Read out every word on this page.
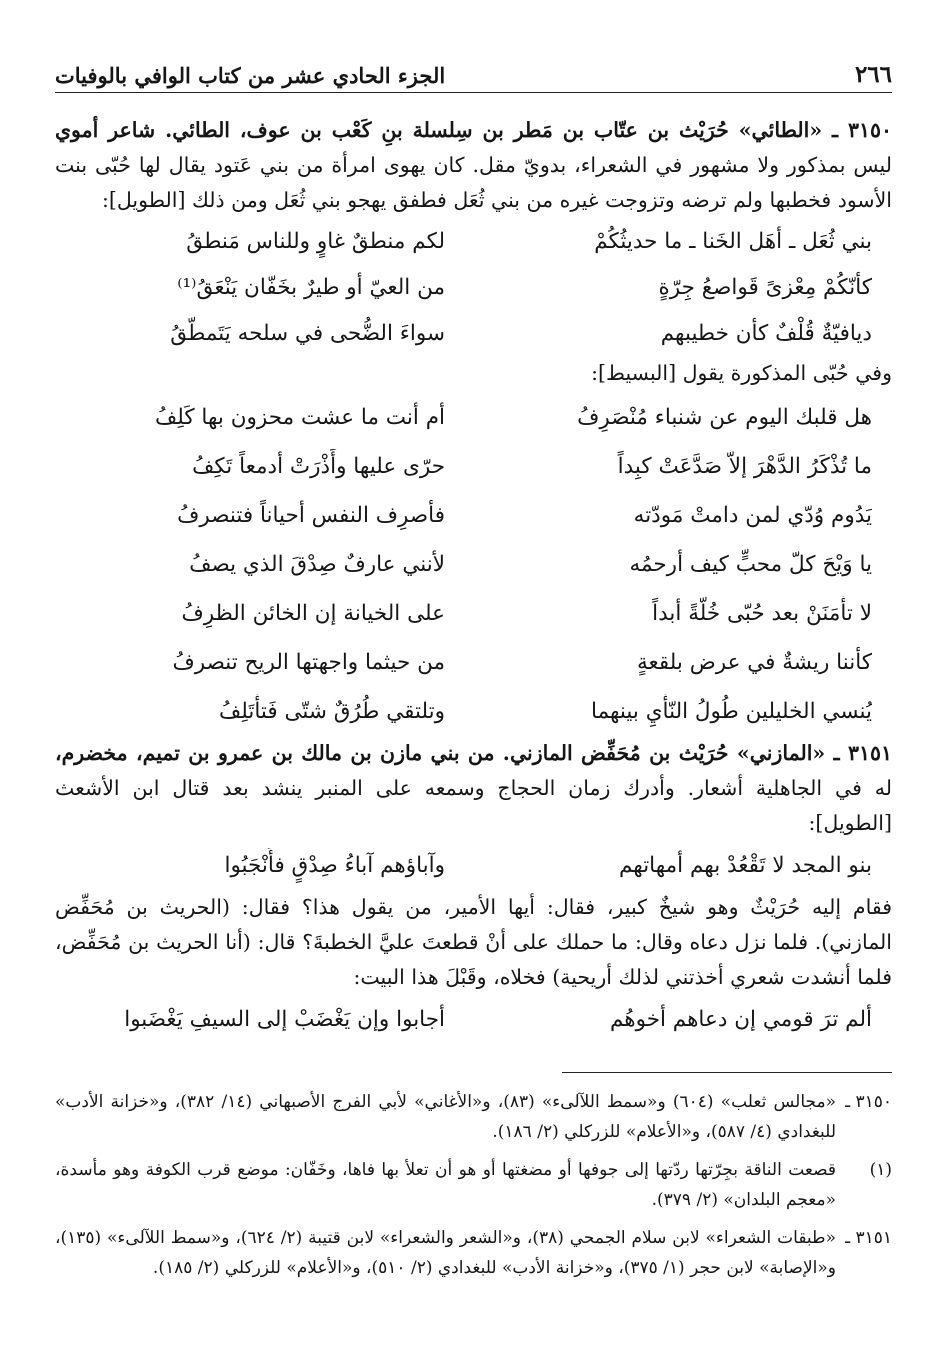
٢٦٦
الجزء الحادي عشر من كتاب الوافي بالوفيات

٣١٥٠ ـ «الطائي» حُرَيْث بن عتّاب بن مَطر بن سِلسلة بنِ كَعْب بن عوف، الطائي. شاعر أموي ليس بمذكور ولا مشهور في الشعراء، بدويّ مقل. كان يهوى امرأة من بني عَتود يقال لها حُبّى بنت الأسود فخطبها ولم ترضه وتزوجت غيره من بني ثُعَل فطفق يهجو بني ثُعَل ومن ذلك [الطويل]:

بني ثُعَل ـ أهَل الخَنا ـ ما حديثُكُمْ
لكم منطقٌ غاوٍ وللناس مَنطقُ
كأنّكُمْ مِعْزىً قَواصعُ جِرّةٍ
من العيّ أو طيرٌ بخَفّان يَنْعَقُ⁽¹⁾
ديافيّةٌ قُلْفٌ كأن خطيبهم
سواءَ الضُّحى في سلحه يَتَمطّقُ

وفي حُبّى المذكورة يقول [البسيط]:

هل قلبك اليوم عن شنباء مُنْصَرِفُ
أم أنت ما عشت محزون بها كَلِفُ
ما تُذْكَرُ الدَّهْرَ إلاّ صَدَّعَتْ كبِداً
حرّى عليها وأَذْرَتْ أدمعاً تَكِفُ
يَدُوم وُدّي لمن دامتْ مَودّته
فأصرِف النفس أحياناً فتنصرفُ
يا وَيْحَ كلّ محبٍّ كيف أرحمُه
لأنني عارفٌ صِدْقَ الذي يصفُ
لا تأْمَنَنْ بعد حُبّى خُلّةً أبداً
على الخيانة إن الخائن الظرِفُ
كأننا ريشةٌ في عرض بلقعةٍ
من حيثما واجهتها الريح تنصرفُ
يُنسي الخليلين طُولُ النّأْيِ بينهما
وتلتقي طُرُقٌ شتّى فَتأْتَلِفُ

٣١٥١ ـ «المازني» حُرَيْث بن مُحَفِّض المازني. من بني مازن بن مالك بن عمرو بن تميم، مخضرم، له في الجاهلية أشعار. وأدرك زمان الحجاج وسمعه على المنبر ينشد بعد قتال ابن الأشعث [الطويل]:

بنو المجد لا تَقْعُدْ بهم أمهاتهم
وآباؤهم آباءُ صِدْقٍ فأَنْجَبُوا

فقام إليه حُرَيْثٌ وهو شيخٌ كبير، فقال: أيها الأمير، من يقول هذا؟ فقال: (الحريث بن مُحَفِّض المازني). فلما نزل دعاه وقال: ما حملك على أنْ قطعتَ عليَّ الخطبةَ؟ قال: (أنا الحريث بن مُحَفِّض، فلما أنشدت شعري أخذتني لذلك أريحية) فخلاه، وقَبْلَ هذا البيت:

ألم ترَ قومي إن دعاهم أخوهُم
أجابوا وإن يَغْضَبْ إلى السيفِ يَغْضَبوا
٣١٥٠ ـ
«مجالس ثعلب» (٦٠٤) و«سمط اللآلىء» (٨٣)، و«الأغاني» لأبي الفرج الأصبهاني (١٤/ ٣٨٢)، و«خزانة الأدب» للبغدادي (٤/ ٥٨٧)، و«الأعلام» للزركلي (٢/ ١٨٦).
(١)
قصعت الناقة بجِرّتها ردّتها إلى جوفها أو مضغتها أو هو أن تعلأ بها فاها، وخَفّان: موضع قرب الكوفة وهو مأسدة، «معجم البلدان» (٢/ ٣٧٩).
٣١٥١ ـ
«طبقات الشعراء» لابن سلام الجمحي (٣٨)، و«الشعر والشعراء» لابن قتيبة (٢/ ٦٢٤)، و«سمط اللآلىء» (١٣٥)، و«الإصابة» لابن حجر (١/ ٣٧٥)، و«خزانة الأدب» للبغدادي (٢/ ٥١٠)، و«الأعلام» للزركلي (٢/ ١٨٥).
